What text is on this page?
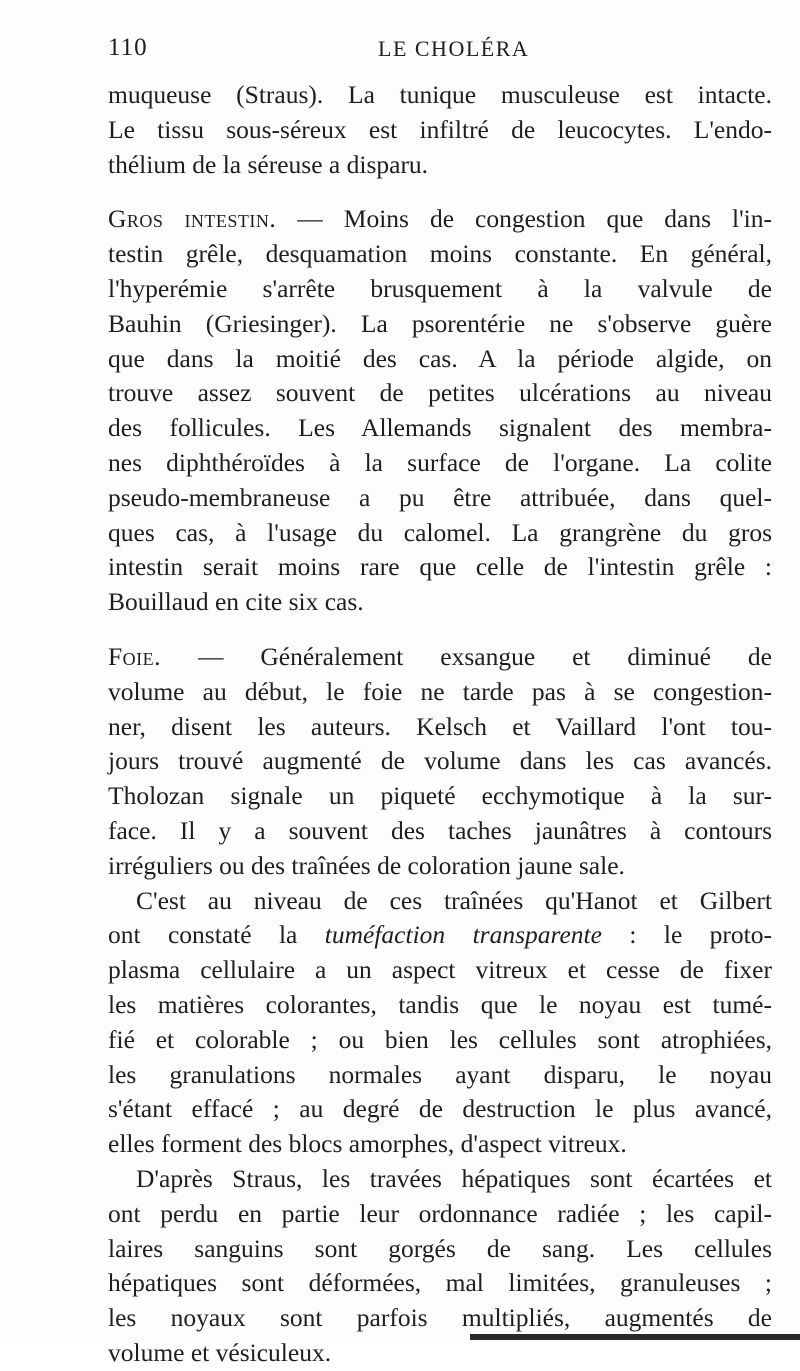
110	LE CHOLÉRA
muqueuse (Straus). La tunique musculeuse est intacte.
Le tissu sous-séreux est infiltré de leucocytes. L'endo-
thélium de la séreuse a disparu.
Gros intestin. — Moins de congestion que dans l'in-
testin grêle, desquamation moins constante. En général,
l'hyperémie s'arrête brusquement à la valvule de
Bauhin (Griesinger). La psorentérie ne s'observe guère
que dans la moitié des cas. A la période algide, on
trouve assez souvent de petites ulcérations au niveau
des follicules. Les Allemands signalent des membra-
nes diphthéroïdes à la surface de l'organe. La colite
pseudo-membraneuse a pu être attribuée, dans quel-
ques cas, à l'usage du calomel. La grangrène du gros
intestin serait moins rare que celle de l'intestin grêle :
Bouillaud en cite six cas.
Foie. — Généralement exsangue et diminué de
volume au début, le foie ne tarde pas à se congestion-
ner, disent les auteurs. Kelsch et Vaillard l'ont tou-
jours trouvé augmenté de volume dans les cas avancés.
Tholozan signale un piqueté ecchymotique à la sur-
face. Il y a souvent des taches jaunâtres à contours
irréguliers ou des traînées de coloration jaune sale.
C'est au niveau de ces traînées qu'Hanot et Gilbert
ont constaté la tuméfaction transparente : le proto-
plasma cellulaire a un aspect vitreux et cesse de fixer
les matières colorantes, tandis que le noyau est tumé-
fié et colorable ; ou bien les cellules sont atrophiées,
les granulations normales ayant disparu, le noyau
s'étant effacé ; au degré de destruction le plus avancé,
elles forment des blocs amorphes, d'aspect vitreux.
D'après Straus, les travées hépatiques sont écartées et
ont perdu en partie leur ordonnance radiée ; les capil-
laires sanguins sont gorgés de sang. Les cellules
hépatiques sont déformées, mal limitées, granuleuses ;
les noyaux sont parfois multipliés, augmentés de
volume et vésiculeux.
